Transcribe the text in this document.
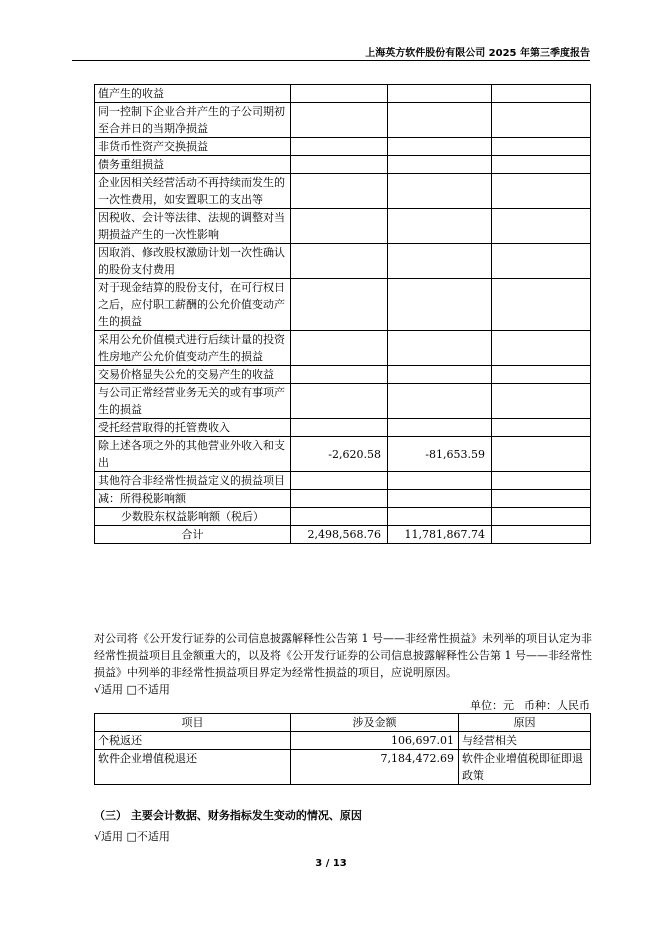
上海英方软件股份有限公司 2025 年第三季度报告
值产生的收益			
同一控制下企业合并产生的子公司期初至合并日的当期净损益			
非货币性资产交换损益			
债务重组损益			
企业因相关经营活动不再持续而发生的一次性费用，如安置职工的支出等			
因税收、会计等法律、法规的调整对当期损益产生的一次性影响			
因取消、修改股权激励计划一次性确认的股份支付费用			
对于现金结算的股份支付，在可行权日之后，应付职工薪酬的公允价值变动产生的损益			
采用公允价值模式进行后续计量的投资性房地产公允价值变动产生的损益			
交易价格显失公允的交易产生的收益			
与公司正常经营业务无关的或有事项产生的损益			
受托经营取得的托管费收入			
除上述各项之外的其他营业外收入和支出	-2,620.58	-81,653.59	
其他符合非经常性损益定义的损益项目			
减：所得税影响额			
少数股东权益影响额（税后）			
合计	2,498,568.76	11,781,867.74	
对公司将《公开发行证券的公司信息披露解释性公告第 1 号——非经常性损益》未列举的项目认定为非经常性损益项目且金额重大的，以及将《公开发行证券的公司信息披露解释性公告第 1 号——非经常性损益》中列举的非经常性损益项目界定为经常性损益的项目，应说明原因。
√适用 □不适用
单位：元 币种：人民币
项目	涉及金额	原因
个税返还	106,697.01	与经营相关
软件企业增值税退还	7,184,472.69	软件企业增值税即征即退政策
（三） 主要会计数据、财务指标发生变动的情况、原因
√适用 □不适用
3 / 13
